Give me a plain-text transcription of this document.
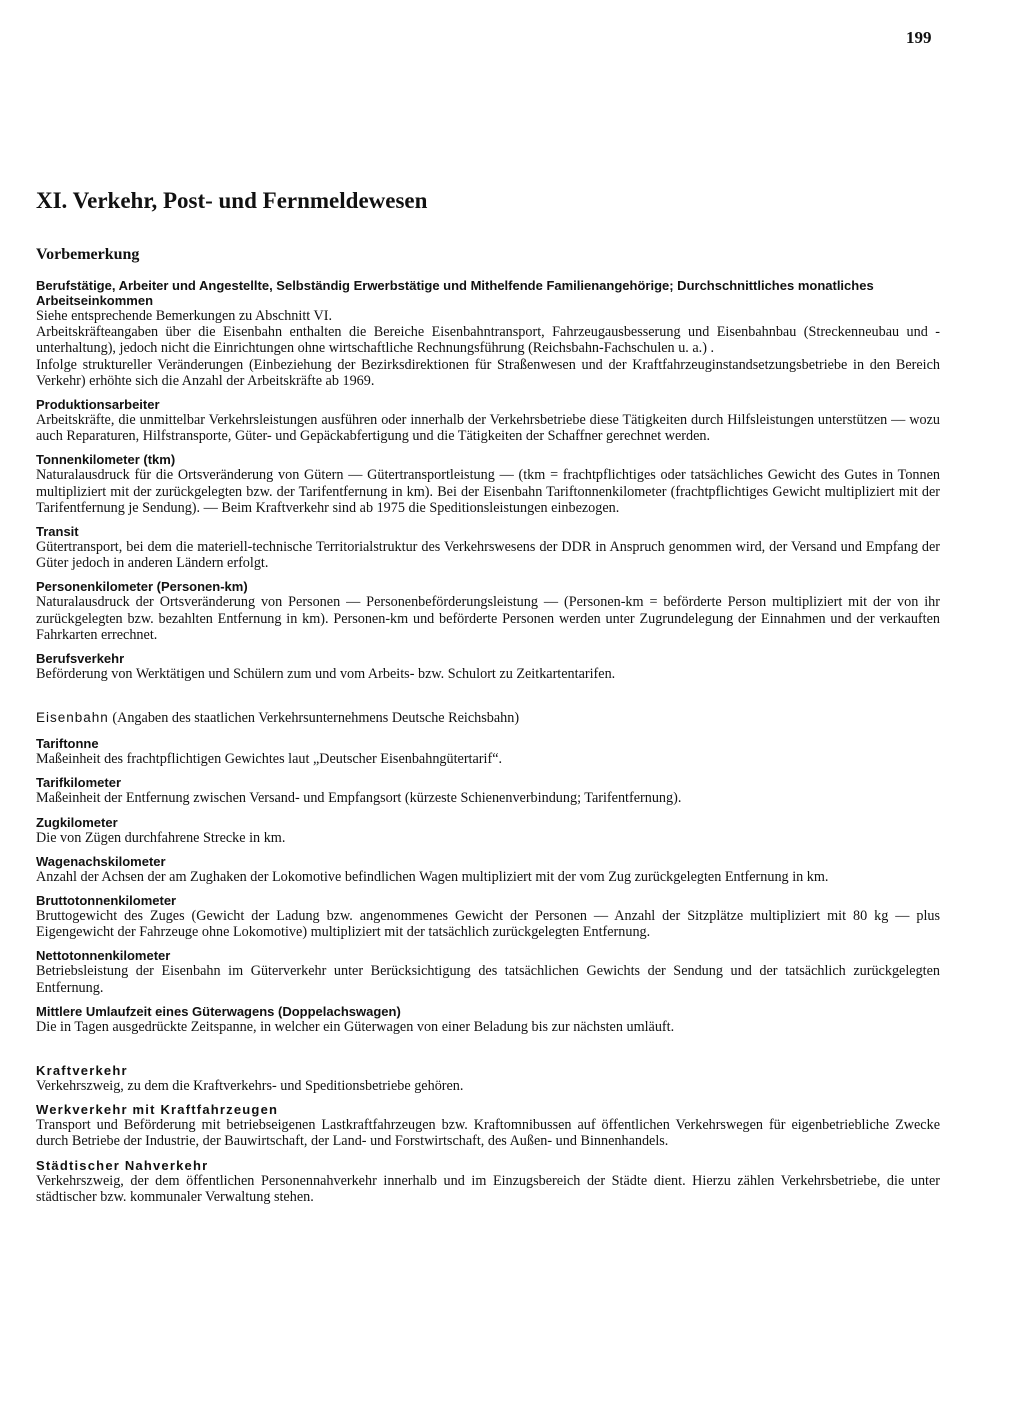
199
XI. Verkehr, Post- und Fernmeldewesen
Vorbemerkung

Berufstätige, Arbeiter und Angestellte, Selbständig Erwerbstätige und Mithelfende Familienangehörige; Durchschnittliches monatliches Arbeitseinkommen

Siehe entsprechende Bemerkungen zu Abschnitt VI.

Arbeitskräfteangaben über die Eisenbahn enthalten die Bereiche Eisenbahntransport, Fahrzeugausbesserung und Eisenbahnbau (Streckenneubau und -unterhaltung), jedoch nicht die Einrichtungen ohne wirtschaftliche Rechnungsführung (Reichsbahn-Fachschulen u. a.) .

Infolge struktureller Veränderungen (Einbeziehung der Bezirksdirektionen für Straßenwesen und der Kraftfahrzeuginstandsetzungsbetriebe in den Bereich Verkehr) erhöhte sich die Anzahl der Arbeitskräfte ab 1969.

Produktionsarbeiter

Arbeitskräfte, die unmittelbar Verkehrsleistungen ausführen oder innerhalb der Verkehrsbetriebe diese Tätigkeiten durch Hilfsleistungen unterstützen — wozu auch Reparaturen, Hilfstransporte, Güter- und Gepäckabfertigung und die Tätigkeiten der Schaffner gerechnet werden.

Tonnenkilometer (tkm)

Naturalausdruck für die Ortsveränderung von Gütern — Gütertransportleistung — (tkm = frachtpflichtiges oder tatsächliches Gewicht des Gutes in Tonnen multipliziert mit der zurückgelegten bzw. der Tarifentfernung in km). Bei der Eisenbahn Tariftonnenkilometer (frachtpflichtiges Gewicht multipliziert mit der Tarifentfernung je Sendung). — Beim Kraftverkehr sind ab 1975 die Speditionsleistungen einbezogen.

Transit

Gütertransport, bei dem die materiell-technische Territorialstruktur des Verkehrswesens der DDR in Anspruch genommen wird, der Versand und Empfang der Güter jedoch in anderen Ländern erfolgt.

Personenkilometer (Personen-km)

Naturalausdruck der Ortsveränderung von Personen — Personenbeförderungsleistung — (Personen-km = beförderte Person multipliziert mit der von ihr zurückgelegten bzw. bezahlten Entfernung in km). Personen-km und beförderte Personen werden unter Zugrundelegung der Einnahmen und der verkauften Fahrkarten errechnet.

Berufsverkehr

Beförderung von Werktätigen und Schülern zum und vom Arbeits- bzw. Schulort zu Zeitkartentarifen.

Eisenbahn (Angaben des staatlichen Verkehrsunternehmens Deutsche Reichsbahn)

Tariftonne

Maßeinheit des frachtpflichtigen Gewichtes laut „Deutscher Eisenbahngütertarif“.

Tarifkilometer

Maßeinheit der Entfernung zwischen Versand- und Empfangsort (kürzeste Schienenverbindung; Tarifentfernung).

Zugkilometer

Die von Zügen durchfahrene Strecke in km.

Wagenachskilometer

Anzahl der Achsen der am Zughaken der Lokomotive befindlichen Wagen multipliziert mit der vom Zug zurückgelegten Entfernung in km.

Bruttotonnenkilometer

Bruttogewicht des Zuges (Gewicht der Ladung bzw. angenommenes Gewicht der Personen — Anzahl der Sitzplätze multipliziert mit 80 kg — plus Eigengewicht der Fahrzeuge ohne Lokomotive) multipliziert mit der tatsächlich zurückgelegten Entfernung.

Nettotonnenkilometer

Betriebsleistung der Eisenbahn im Güterverkehr unter Berücksichtigung des tatsächlichen Gewichts der Sendung und der tatsächlich zurückgelegten Entfernung.

Mittlere Umlaufzeit eines Güterwagens (Doppelachswagen)

Die in Tagen ausgedrückte Zeitspanne, in welcher ein Güterwagen von einer Beladung bis zur nächsten umläuft.

Kraftverkehr

Verkehrszweig, zu dem die Kraftverkehrs- und Speditionsbetriebe gehören.

Werkverkehr mit Kraftfahrzeugen

Transport und Beförderung mit betriebseigenen Lastkraftfahrzeugen bzw. Kraftomnibussen auf öffentlichen Verkehrswegen für eigenbetriebliche Zwecke durch Betriebe der Industrie, der Bauwirtschaft, der Land- und Forstwirtschaft, des Außen- und Binnenhandels.

Städtischer Nahverkehr

Verkehrszweig, der dem öffentlichen Personennahverkehr innerhalb und im Einzugsbereich der Städte dient. Hierzu zählen Verkehrsbetriebe, die unter städtischer bzw. kommunaler Verwaltung stehen.
